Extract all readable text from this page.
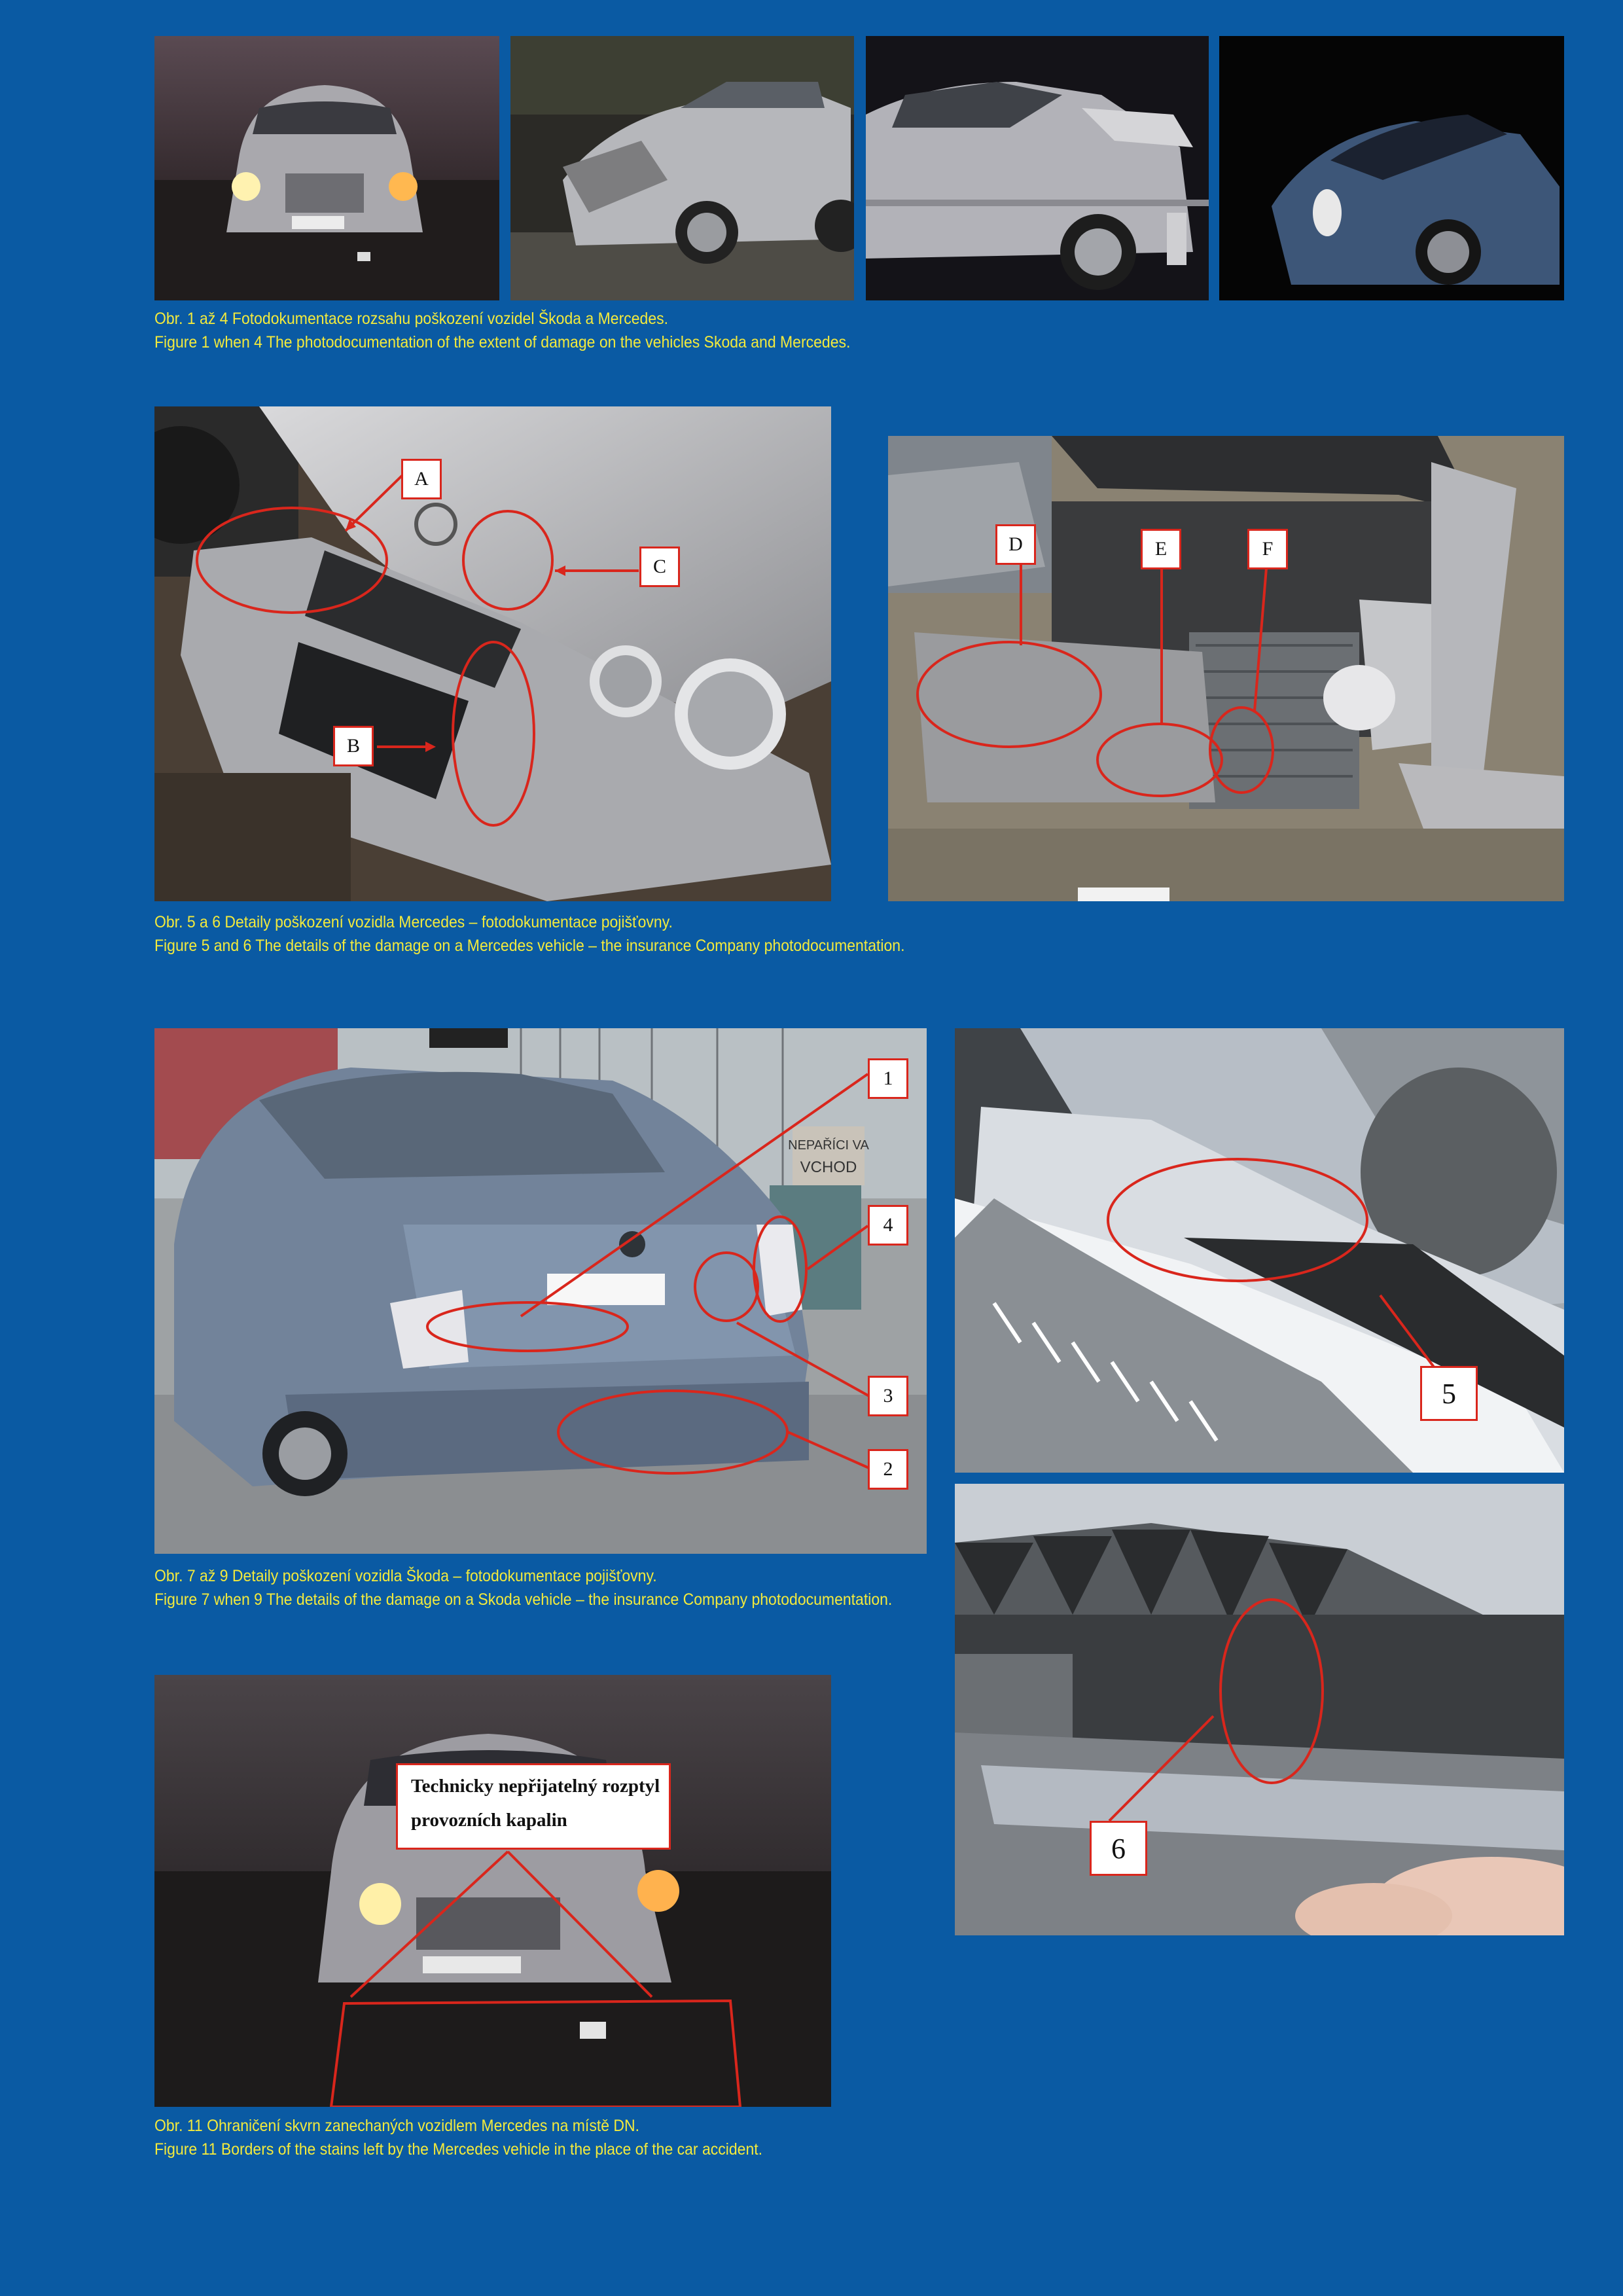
Obr. 1 až 4 Fotodokumentace rozsahu poškození vozidel Škoda a Mercedes.
Figure 1 when 4 The photodocumentation of the extent of damage on the vehicles Skoda and Mercedes.
A
C
B
D	E	F
Obr. 5 a 6 Detaily poškození vozidla Mercedes – fotodokumentace pojišťovny.
Figure 5 and 6 The details of the damage on a Mercedes vehicle – the insurance Company photodocumentation.
NEPAŘÍCI VA
VCHOD
1
4
3
2
5
6
Obr. 7 až 9 Detaily poškození vozidla Škoda – fotodokumentace pojišťovny.
Figure 7 when 9 The details of the damage on a Skoda vehicle – the insurance Company photodocumentation.
Technicky nepřijatelný rozptyl
provozních kapalin
Obr. 11 Ohraničení skvrn zanechaných vozidlem Mercedes na místě DN.
Figure 11 Borders of the stains left by the Mercedes vehicle in the place of the car accident.
